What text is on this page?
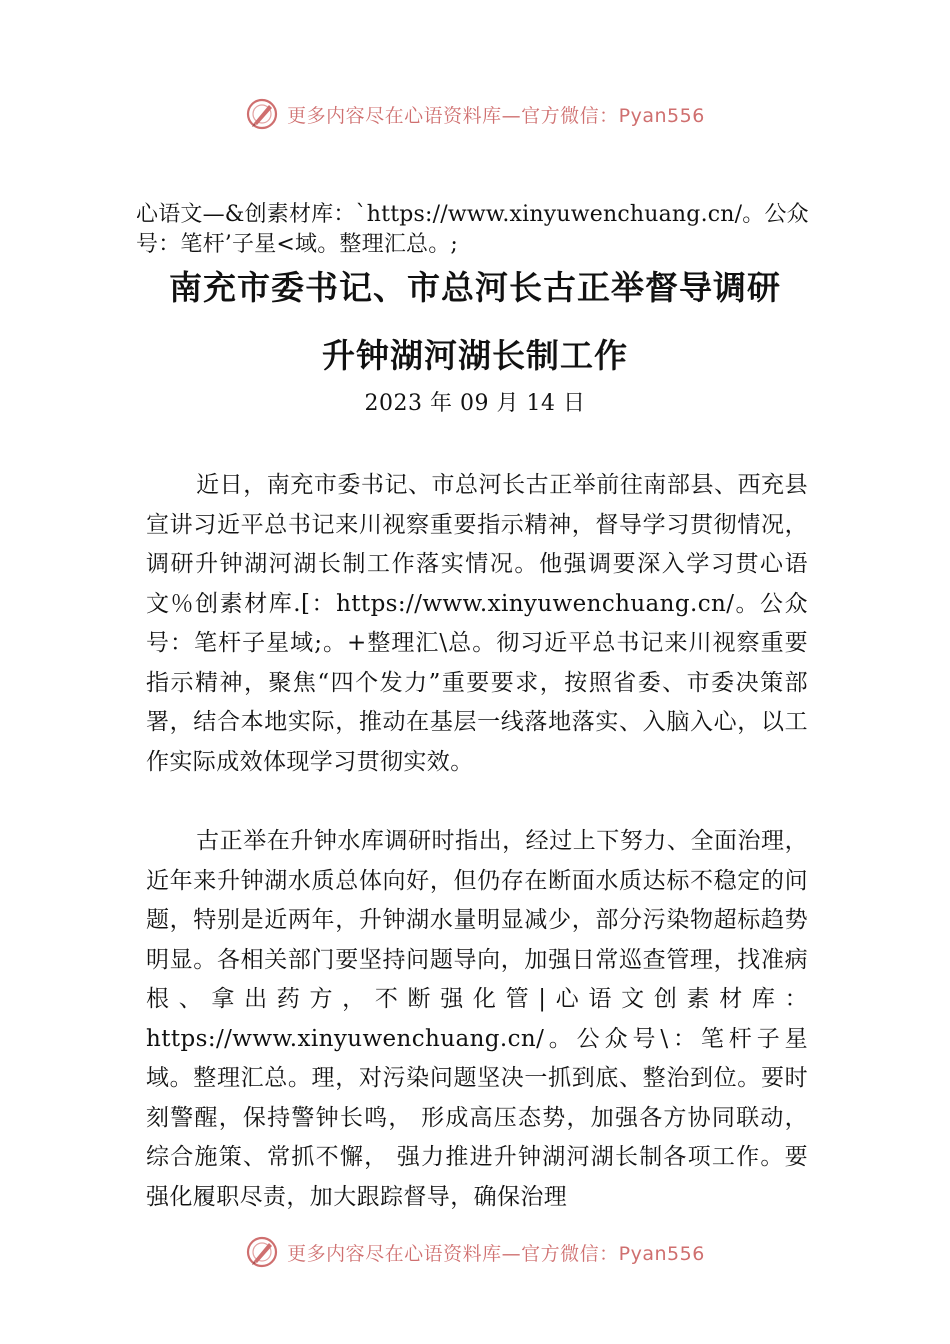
更多内容尽在心语资料库—官方微信：Pyan556
心语文—&创素材库：`https://www.xinyuwenchuang.cn/。公众号：笔杆’子星<域。整理汇总。;
南充市委书记、市总河长古正举督导调研
升钟湖河湖长制工作
2023 年 09 月 14 日
近日，南充市委书记、市总河长古正举前往南部县、西充县宣讲习近平总书记来川视察重要指示精神，督导学习贯彻情况，调研升钟湖河湖长制工作落实情况。他强调要深入学习贯心语文％创素材库.[：https://www.xinyuwenchuang.cn/。公众号：笔杆子星域;。+整理汇\总。彻习近平总书记来川视察重要指示精神，聚焦“四个发力”重要要求，按照省委、市委决策部署，结合本地实际，推动在基层一线落地落实、入脑入心，以工作实际成效体现学习贯彻实效。
古正举在升钟水库调研时指出，经过上下努力、全面治理，近年来升钟湖水质总体向好，但仍存在断面水质达标不稳定的问题，特别是近两年，升钟湖水量明显减少，部分污染物超标趋势明显。各相关部门要坚持问题导向，加强日常巡查管理，找准病根、拿出药方，不断强化管|心语文创素材库：https://www.xinyuwenchuang.cn/。公众号\：笔杆子星域。整理汇总。理，对污染问题坚决一抓到底、整治到位。要时刻警醒，保持警钟长鸣， 形成高压态势，加强各方协同联动，综合施策、常抓不懈， 强力推进升钟湖河湖长制各项工作。要强化履职尽责，加大跟踪督导，确保治理
更多内容尽在心语资料库—官方微信：Pyan556
